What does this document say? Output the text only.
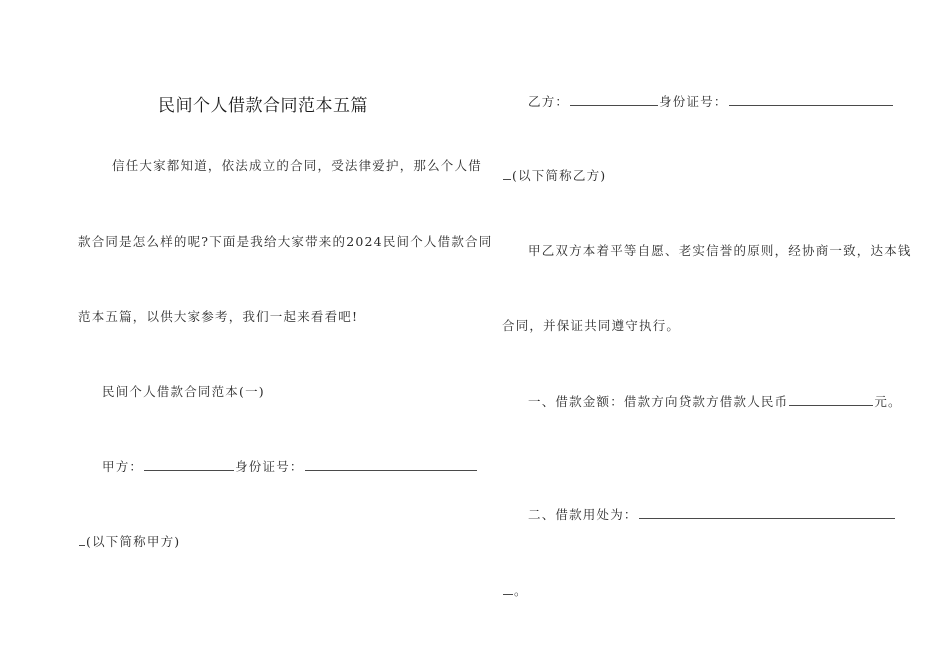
民间个人借款合同范本五篇
信任大家都知道，依法成立的合同，受法律爱护，那么个人借
款合同是怎么样的呢?下面是我给大家带来的2024民间个人借款合同
范本五篇，以供大家参考，我们一起来看看吧!
民间个人借款合同范本(一)
甲方：	身份证号：
(以下简称甲方)
乙方：	身份证号：
(以下简称乙方)
甲乙双方本着平等自愿、老实信誉的原则，经协商一致，达本钱
合同，并保证共同遵守执行。
一、借款金额：借款方向贷款方借款人民币	元。
二、借款用处为：
。
